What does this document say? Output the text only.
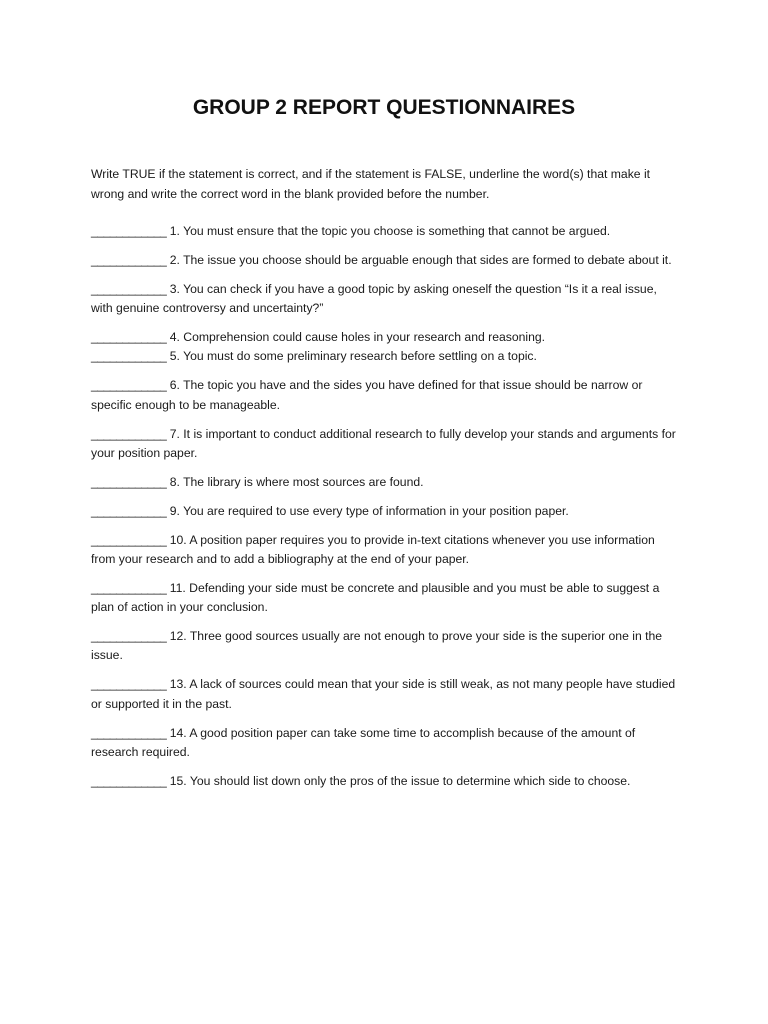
GROUP 2 REPORT QUESTIONNAIRES
Write TRUE if the statement is correct, and if the statement is FALSE, underline the word(s) that make it wrong and write the correct word in the blank provided before the number.

____________ 1. You must ensure that the topic you choose is something that cannot be argued.

____________ 2. The issue you choose should be arguable enough that sides are formed to debate about it.

____________ 3. You can check if you have a good topic by asking oneself the question “Is it a real issue, with genuine controversy and uncertainty?”

____________ 4. Comprehension could cause holes in your research and reasoning.

____________ 5. You must do some preliminary research before settling on a topic.

____________ 6. The topic you have and the sides you have defined for that issue should be narrow or specific enough to be manageable.

____________ 7. It is important to conduct additional research to fully develop your stands and arguments for your position paper.

____________ 8. The library is where most sources are found.

____________ 9. You are required to use every type of information in your position paper.

____________ 10. A position paper requires you to provide in-text citations whenever you use information from your research and to add a bibliography at the end of your paper.

____________ 11. Defending your side must be concrete and plausible and you must be able to suggest a plan of action in your conclusion.

____________ 12. Three good sources usually are not enough to prove your side is the superior one in the issue.

____________ 13. A lack of sources could mean that your side is still weak, as not many people have studied or supported it in the past.

____________ 14. A good position paper can take some time to accomplish because of the amount of research required.

____________ 15. You should list down only the pros of the issue to determine which side to choose.
